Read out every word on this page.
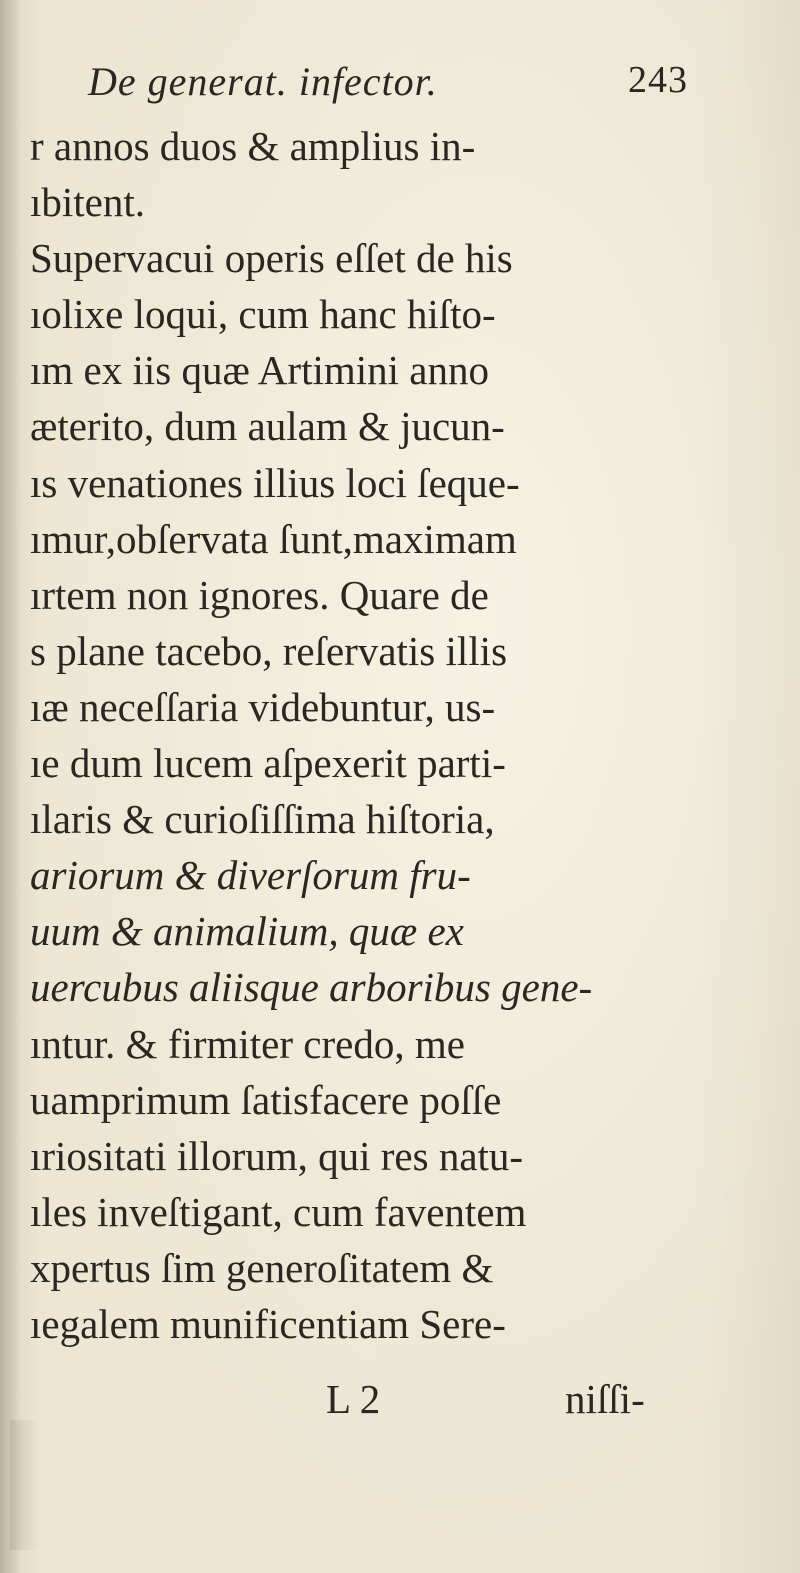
De generat. infector.	243
r annos duos & amplius in-
ıbitent.
Supervacui operis eſſet de his
ıolixe loqui, cum hanc hiſto-
ım ex iis quæ Artimini anno
æterito, dum aulam & jucun-
ıs venationes illius loci ſeque-
ımur,obſervata ſunt,maximam
ırtem non ignores. Quare de
s plane tacebo, reſervatis illis
ıæ neceſſaria videbuntur, us-
ıe dum lucem aſpexerit parti-
ılaris & curioſiſſima hiſtoria,
ariorum & diverſorum fru-
uum & animalium, quæ ex
uercubus aliisque arboribus gene-
ıntur. & firmiter credo, me
uamprimum ſatisfacere poſſe
ıriositati illorum, qui res natu-
ıles inveſtigant, cum faventem
xpertus ſim generoſitatem &
ıegalem munificentiam Sere-
L 2	niſſi-
